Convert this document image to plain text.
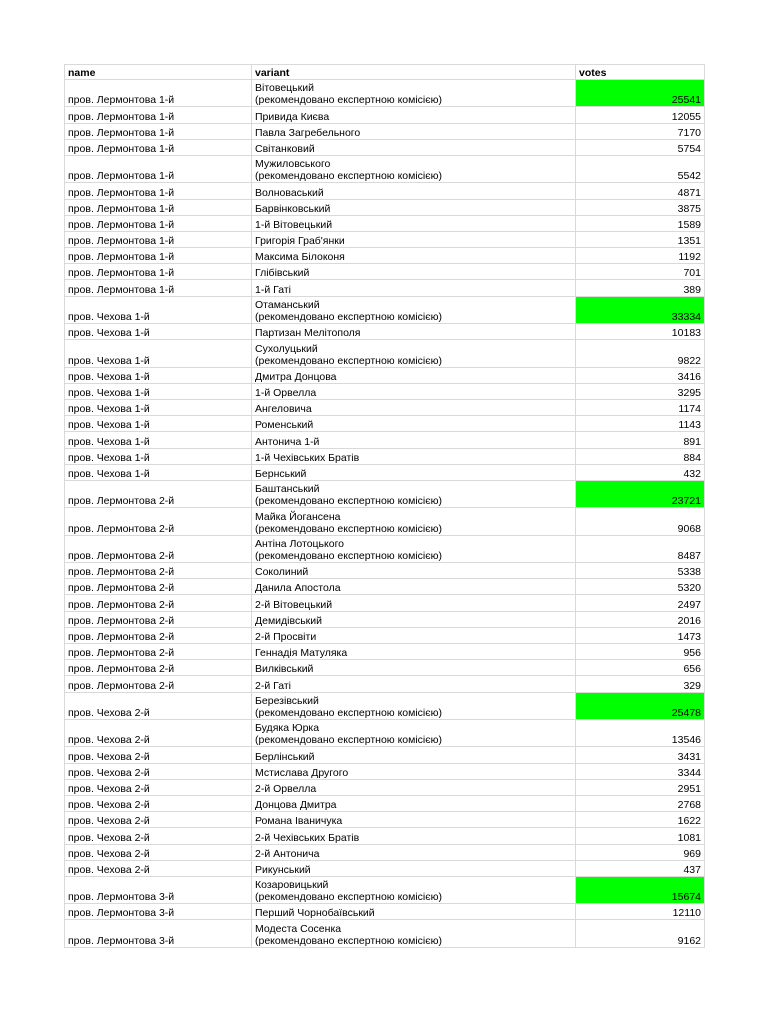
name	variant	votes
пров. Лермонтова 1-й	Вітовецький
(рекомендовано експертною комісією)	25541
пров. Лермонтова 1-й	Привида Києва	12055
пров. Лермонтова 1-й	Павла Загребельного	7170
пров. Лермонтова 1-й	Світанковий	5754
пров. Лермонтова 1-й	Мужиловського
(рекомендовано експертною комісією)	5542
пров. Лермонтова 1-й	Волноваський	4871
пров. Лермонтова 1-й	Барвінковський	3875
пров. Лермонтова 1-й	1-й Вітовецький	1589
пров. Лермонтова 1-й	Григорія Граб'янки	1351
пров. Лермонтова 1-й	Максима Білоконя	1192
пров. Лермонтова 1-й	Глібівський	701
пров. Лермонтова 1-й	1-й Гаті	389
пров. Чехова 1-й	Отаманський
(рекомендовано експертною комісією)	33334
пров. Чехова 1-й	Партизан Мелітополя	10183
пров. Чехова 1-й	Сухолуцький
(рекомендовано експертною комісією)	9822
пров. Чехова 1-й	Дмитра Донцова	3416
пров. Чехова 1-й	1-й Орвелла	3295
пров. Чехова 1-й	Ангеловича	1174
пров. Чехова 1-й	Роменський	1143
пров. Чехова 1-й	Антонича 1-й	891
пров. Чехова 1-й	1-й Чехівських Братів	884
пров. Чехова 1-й	Бернський	432
пров. Лермонтова 2-й	Баштанський
(рекомендовано експертною комісією)	23721
пров. Лермонтова 2-й	Майка Йогансена
(рекомендовано експертною комісією)	9068
пров. Лермонтова 2-й	Антіна Лотоцького
(рекомендовано експертною комісією)	8487
пров. Лермонтова 2-й	Соколиний	5338
пров. Лермонтова 2-й	Данила Апостола	5320
пров. Лермонтова 2-й	2-й Вітовецький	2497
пров. Лермонтова 2-й	Демидівський	2016
пров. Лермонтова 2-й	2-й Просвіти	1473
пров. Лермонтова 2-й	Геннадія Матуляка	956
пров. Лермонтова 2-й	Вилківський	656
пров. Лермонтова 2-й	2-й Гаті	329
пров. Чехова 2-й	Березівський
(рекомендовано експертною комісією)	25478
пров. Чехова 2-й	Будяка Юрка
(рекомендовано експертною комісією)	13546
пров. Чехова 2-й	Берлінський	3431
пров. Чехова 2-й	Мстислава Другого	3344
пров. Чехова 2-й	2-й Орвелла	2951
пров. Чехова 2-й	Донцова Дмитра	2768
пров. Чехова 2-й	Романа Іваничука	1622
пров. Чехова 2-й	2-й Чехівських Братів	1081
пров. Чехова 2-й	2-й Антонича	969
пров. Чехова 2-й	Рикунський	437
пров. Лермонтова 3-й	Козаровицький
(рекомендовано експертною комісією)	15674
пров. Лермонтова 3-й	Перший Чорнобаївський	12110
пров. Лермонтова 3-й	Модеста Сосенка
(рекомендовано експертною комісією)	9162
